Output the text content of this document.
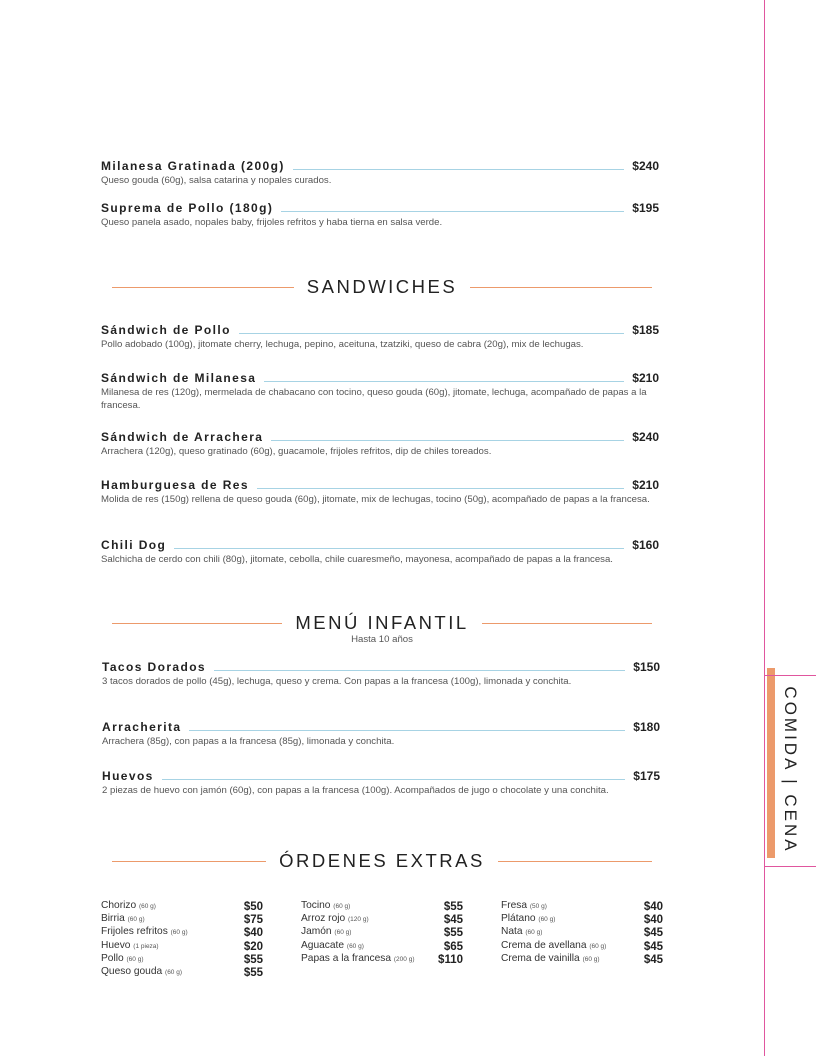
COMIDA | CENA
Milanesa Gratinada (200g)	$240
Queso gouda (60g), salsa catarina y nopales curados.
Suprema de Pollo (180g)	$195
Queso panela asado, nopales baby, frijoles refritos y haba tierna en salsa verde.
SANDWICHES
Sándwich de Pollo	$185
Pollo adobado (100g), jitomate cherry, lechuga, pepino, aceituna, tzatziki, queso de cabra (20g), mix de lechugas.
Sándwich de Milanesa	$210
Milanesa de res (120g), mermelada de chabacano con tocino, queso gouda (60g), jitomate, lechuga, acompañado de papas a la francesa.
Sándwich de Arrachera	$240
Arrachera (120g), queso gratinado (60g), guacamole, frijoles refritos, dip de chiles toreados.
Hamburguesa de Res	$210
Molida de res (150g) rellena de queso gouda (60g), jitomate, mix de lechugas, tocino (50g), acompañado de papas a la francesa.
Chili Dog	$160
Salchicha de cerdo con chili (80g), jitomate, cebolla, chile cuaresmeño, mayonesa, acompañado de papas a la francesa.
MENÚ INFANTIL
Hasta 10 años
Tacos Dorados	$150
3 tacos dorados de pollo (45g), lechuga, queso y crema. Con papas a la francesa (100g), limonada y conchita.
Arracherita	$180
Arrachera (85g), con papas a la francesa (85g), limonada y conchita.
Huevos	$175
2 piezas de huevo con jamón (60g), con papas a la francesa (100g). Acompañados de jugo o chocolate y una conchita.
ÓRDENES EXTRAS
Chorizo (60 g)	$50
Birria (60 g)	$75
Frijoles refritos (60 g)	$40
Huevo (1 pieza)	$20
Pollo (60 g)	$55
Queso gouda (60 g)	$55
Tocino (60 g)	$55
Arroz rojo (120 g)	$45
Jamón (60 g)	$55
Aguacate (60 g)	$65
Papas a la francesa (200 g) $110
Fresa (50 g)	$40
Plátano (60 g)	$40
Nata (60 g)	$45
Crema de avellana (60 g)	$45
Crema de vainilla (60 g)	$45
